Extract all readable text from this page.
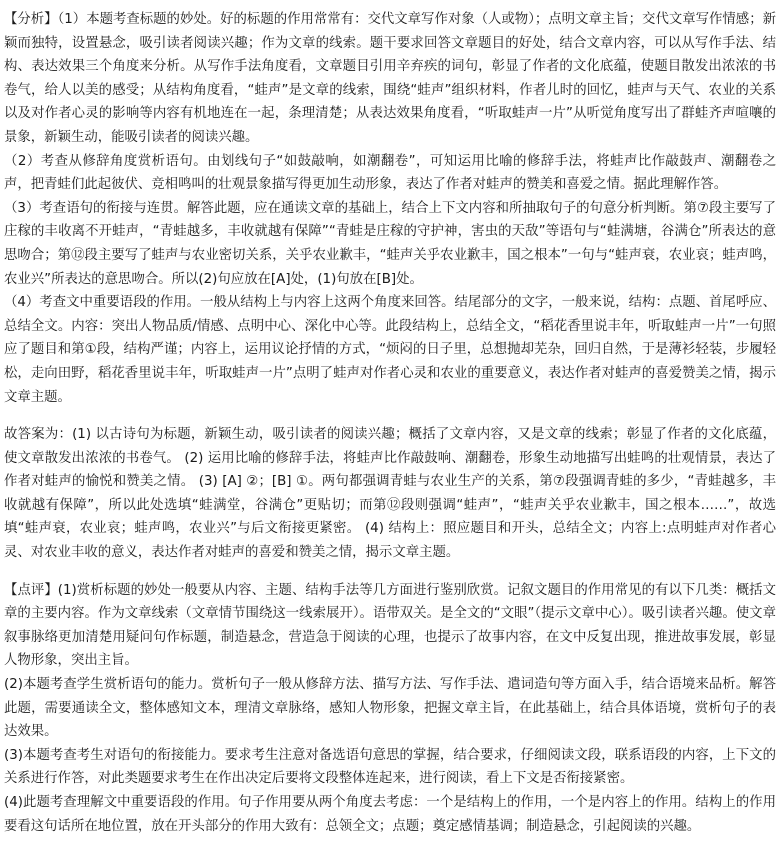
【分析】（1）本题考查标题的妙处。好的标题的作用常常有：交代文章写作对象（人或物）；点明文章主旨；交代文章写作情感；新颖而独特，设置悬念，吸引读者阅读兴趣；作为文章的线索。题干要求回答文章题目的好处，结合文章内容，可以从写作手法、结构、表达效果三个角度来分析。从写作手法角度看，文章题目引用辛弃疾的词句，彰显了作者的文化底蕴，使题目散发出浓浓的书卷气，给人以美的感受；从结构角度看，“蛙声”是文章的线索，围绕“蛙声”组织材料，作者儿时的回忆，蛙声与天气、农业的关系以及对作者心灵的影响等内容有机地连在一起，条理清楚；从表达效果角度看，“听取蛙声一片”从听觉角度写出了群蛙齐声喧嚷的景象，新颖生动，能吸引读者的阅读兴趣。

（2）考查从修辞角度赏析语句。由划线句子“如鼓敲响，如潮翻卷”，可知运用比喻的修辞手法，将蛙声比作敲鼓声、潮翻卷之声，把青蛙们此起彼伏、竞相鸣叫的壮观景象描写得更加生动形象，表达了作者对蛙声的赞美和喜爱之情。据此理解作答。

（3）考查语句的衔接与连贯。解答此题，应在通读文章的基础上，结合上下文内容和所抽取句子的句意分析判断。第⑦段主要写了庄稼的丰收离不开蛙声，“青蛙越多，丰收就越有保障”“青蛙是庄稼的守护神，害虫的天敌”等语句与“蛙满塘，谷满仓”所表达的意思吻合；第⑫段主要写了蛙声与农业密切关系，关乎农业歉丰，“蛙声关乎农业歉丰，国之根本”一句与“蛙声衰，农业哀；蛙声鸣，农业兴”所表达的意思吻合。所以(2)句应放在[A]处，(1)句放在[B]处。

（4）考查文中重要语段的作用。一般从结构上与内容上这两个角度来回答。结尾部分的文字，一般来说，结构：点题、首尾呼应、总结全文。内容：突出人物品质/情感、点明中心、深化中心等。此段结构上，总结全文，“稻花香里说丰年，听取蛙声一片”一句照应了题目和第①段，结构严谨；内容上，运用议论抒情的方式，“烦闷的日子里，总想抛却芜杂，回归自然，于是薄衫轻装，步履轻松，走向田野，稻花香里说丰年，听取蛙声一片”点明了蛙声对作者心灵和农业的重要意义，表达作者对蛙声的喜爱赞美之情，揭示文章主题。

故答案为：(1) 以古诗句为标题，新颖生动，吸引读者的阅读兴趣；概括了文章内容，又是文章的线索；彰显了作者的文化底蕴，使文章散发出浓浓的书卷气。 (2) 运用比喻的修辞手法，将蛙声比作敲鼓响、潮翻卷，形象生动地描写出蛙鸣的壮观情景，表达了作者对蛙声的愉悦和赞美之情。 (3) [A] ②；[B] ①。两句都强调青蛙与农业生产的关系，第⑦段强调青蛙的多少，“青蛙越多，丰收就越有保障”，所以此处选填“蛙满堂，谷满仓”更贴切；而第⑫段则强调“蛙声”，“蛙声关乎农业歉丰，国之根本……”，故选填“蛙声衰，农业哀；蛙声鸣，农业兴”与后文衔接更紧密。 (4) 结构上：照应题目和开头，总结全文；内容上:点明蛙声对作者心灵、对农业丰收的意义，表达作者对蛙声的喜爱和赞美之情，揭示文章主题。

【点评】(1)赏析标题的妙处一般要从内容、主题、结构手法等几方面进行鉴别欣赏。记叙文题目的作用常见的有以下几类：概括文章的主要内容。作为文章线索（文章情节围绕这一线索展开）。语带双关。是全文的“文眼”（提示文章中心）。吸引读者兴趣。使文章叙事脉络更加清楚用疑问句作标题，制造悬念，营造急于阅读的心理，也提示了故事内容，在文中反复出现，推进故事发展，彰显人物形象，突出主旨。

(2)本题考查学生赏析语句的能力。赏析句子一般从修辞方法、描写方法、写作手法、遣词造句等方面入手，结合语境来品析。解答此题，需要通读全文，整体感知文本，理清文章脉络，感知人物形象，把握文章主旨，在此基础上，结合具体语境，赏析句子的表达效果。

(3)本题考查考生对语句的衔接能力。要求考生注意对备选语句意思的掌握，结合要求，仔细阅读文段，联系语段的内容，上下文的关系进行作答，对此类题要求考生在作出决定后要将文段整体连起来，进行阅读，看上下文是否衔接紧密。

(4)此题考查理解文中重要语段的作用。句子作用要从两个角度去考虑：一个是结构上的作用，一个是内容上的作用。结构上的作用要看这句话所在地位置，放在开头部分的作用大致有：总领全文；点题；奠定感情基调；制造悬念，引起阅读的兴趣。
